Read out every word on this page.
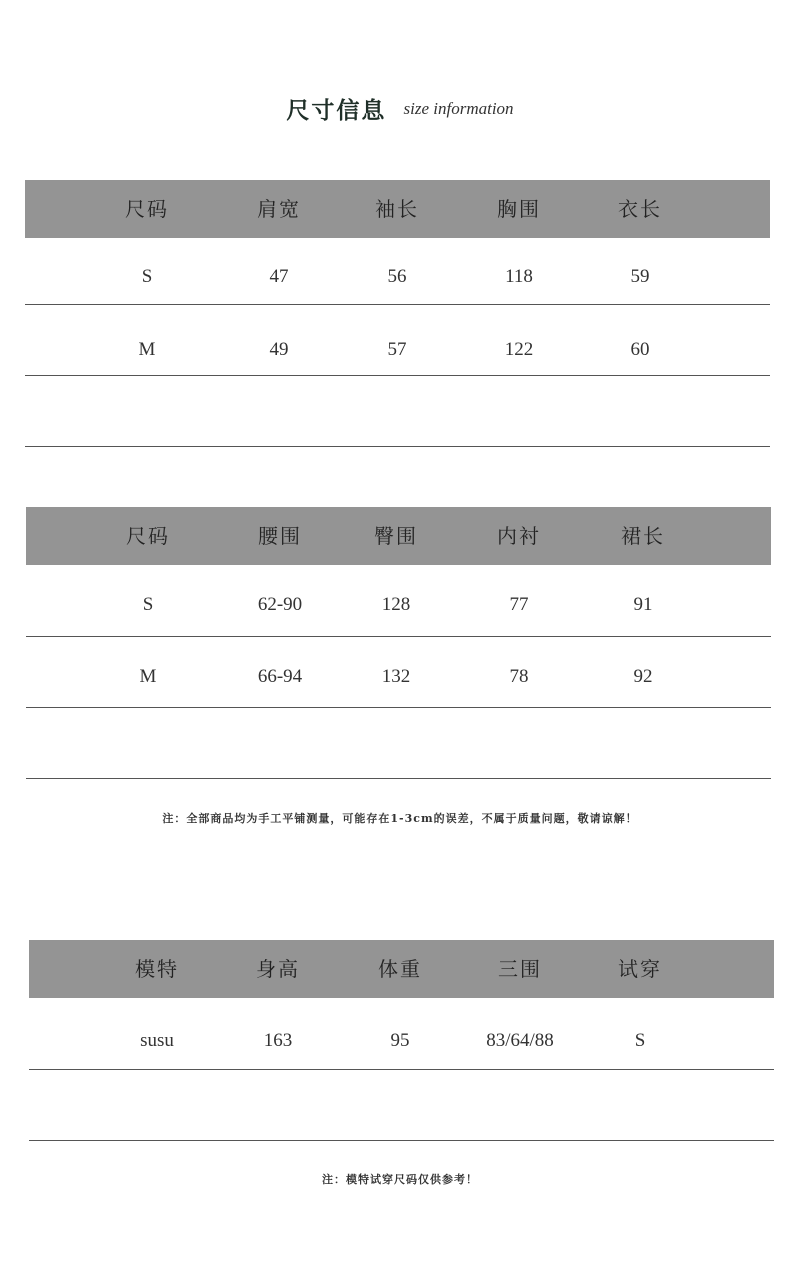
尺寸信息 size information
尺码	肩宽	袖长	胸围	衣长
S	47	56	118	59
M	49	57	122	60
尺码	腰围	臀围	内衬	裙长
S	62-90	128	77	91
M	66-94	132	78	92
注：全部商品均为手工平铺测量，可能存在1-3cm的误差，不属于质量问题，敬请谅解！
模特	身高	体重	三围	试穿
susu	163	95	83/64/88	S
注：模特试穿尺码仅供参考！
